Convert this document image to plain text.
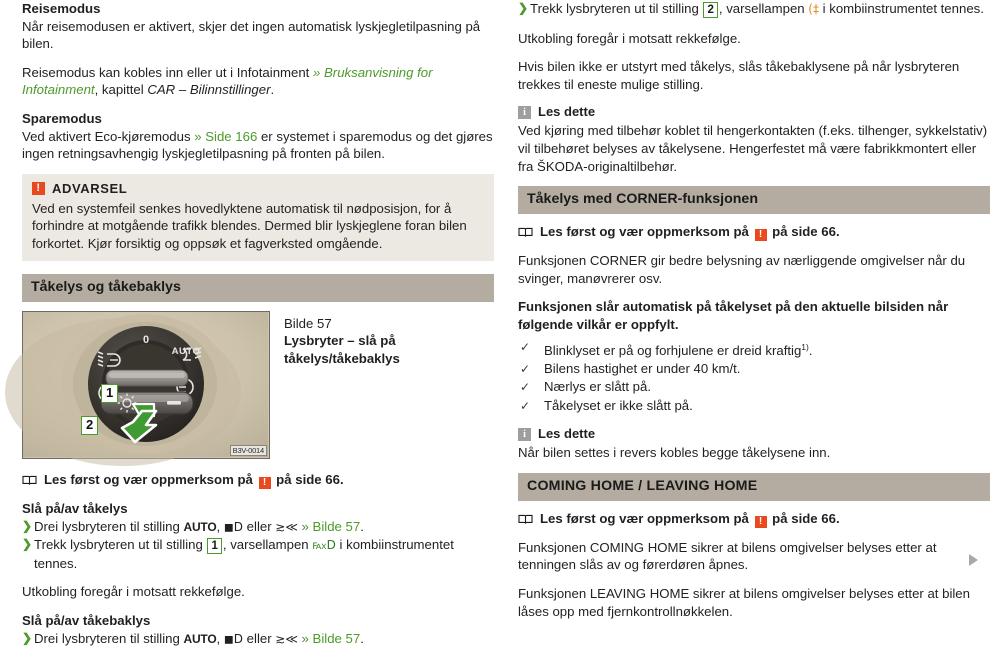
Reisemodus

Når reisemodusen er aktivert, skjer det ingen automatisk lyskjegletilpasning på bilen.

Reisemodus kan kobles inn eller ut i Infotainment » Bruksanvisning for Infotainment, kapittel CAR – Bilinnstillinger.

Sparemodus

Ved aktivert Eco-kjøremodus » Side 166 er systemet i sparemodus og det gjøres ingen retningsavhengig lyskjegletilpasning på fronten på bilen.

! ADVARSEL
Ved en systemfeil senkes hovedlyktene automatisk til nødposisjon, for å forhindre at motgående trafikk blendes. Dermed blir lyskjeglene foran bilen forkortet. Kjør forsiktig og oppsøk et fagverksted omgående.
Tåkelys og tåkebaklys
0
AUTO
1
2
B3V-0014
Bilde 57
Lysbryter – slå på tåkelys/tåkebaklys
Les først og vær oppmerksom på ! på side 66.
Slå på/av tåkelys
❯ Drei lysbryteren til stilling AUTO, ◼D eller ≳≪ » Bilde 57.
❯ Trekk lysbryteren ut til stilling 1 , varsellampen ℻D i kombiinstrumentet tennes.

Utkobling foregår i motsatt rekkefølge.

Slå på/av tåkebaklys
❯ Drei lysbryteren til stilling AUTO, ◼D eller ≳≪ » Bilde 57.
❯ Trekk lysbryteren ut til stilling 2 , varsellampen (‡ i kombiinstrumentet tennes.

Utkobling foregår i motsatt rekkefølge.

Hvis bilen ikke er utstyrt med tåkelys, slås tåkebaklysene på når lysbryteren trekkes til eneste mulige stilling.

i Les dette

Ved kjøring med tilbehør koblet til hengerkontakten (f.eks. tilhenger, sykkelstativ) vil tilbehøret belyses av tåkelysene. Hengerfestet må være fabrikkmontert eller fra ŠKODA-originaltilbehør.

Tåkelys med CORNER-funksjonen
Les først og vær oppmerksom på ! på side 66.

Funksjonen CORNER gir bedre belysning av nærliggende omgivelser når du svinger, manøvrerer osv.

Funksjonen slår automatisk på tåkelyset på den aktuelle bilsiden når følgende vilkår er oppfylt.

✓ Blinklyset er på og forhjulene er dreid kraftig$^{1)}$.
✓ Bilens hastighet er under 40 km/t.
✓ Nærlys er slått på.
✓ Tåkelyset er ikke slått på.
i Les dette

Når bilen settes i revers kobles begge tåkelysene inn.

COMING HOME / LEAVING HOME
Les først og vær oppmerksom på ! på side 66.

Funksjonen COMING HOME sikrer at bilens omgivelser belyses etter at tenningen slås av og førerdøren åpnes.

Funksjonen LEAVING HOME sikrer at bilens omgivelser belyses etter at bilen låses opp med fjernkontrollnøkkelen.
